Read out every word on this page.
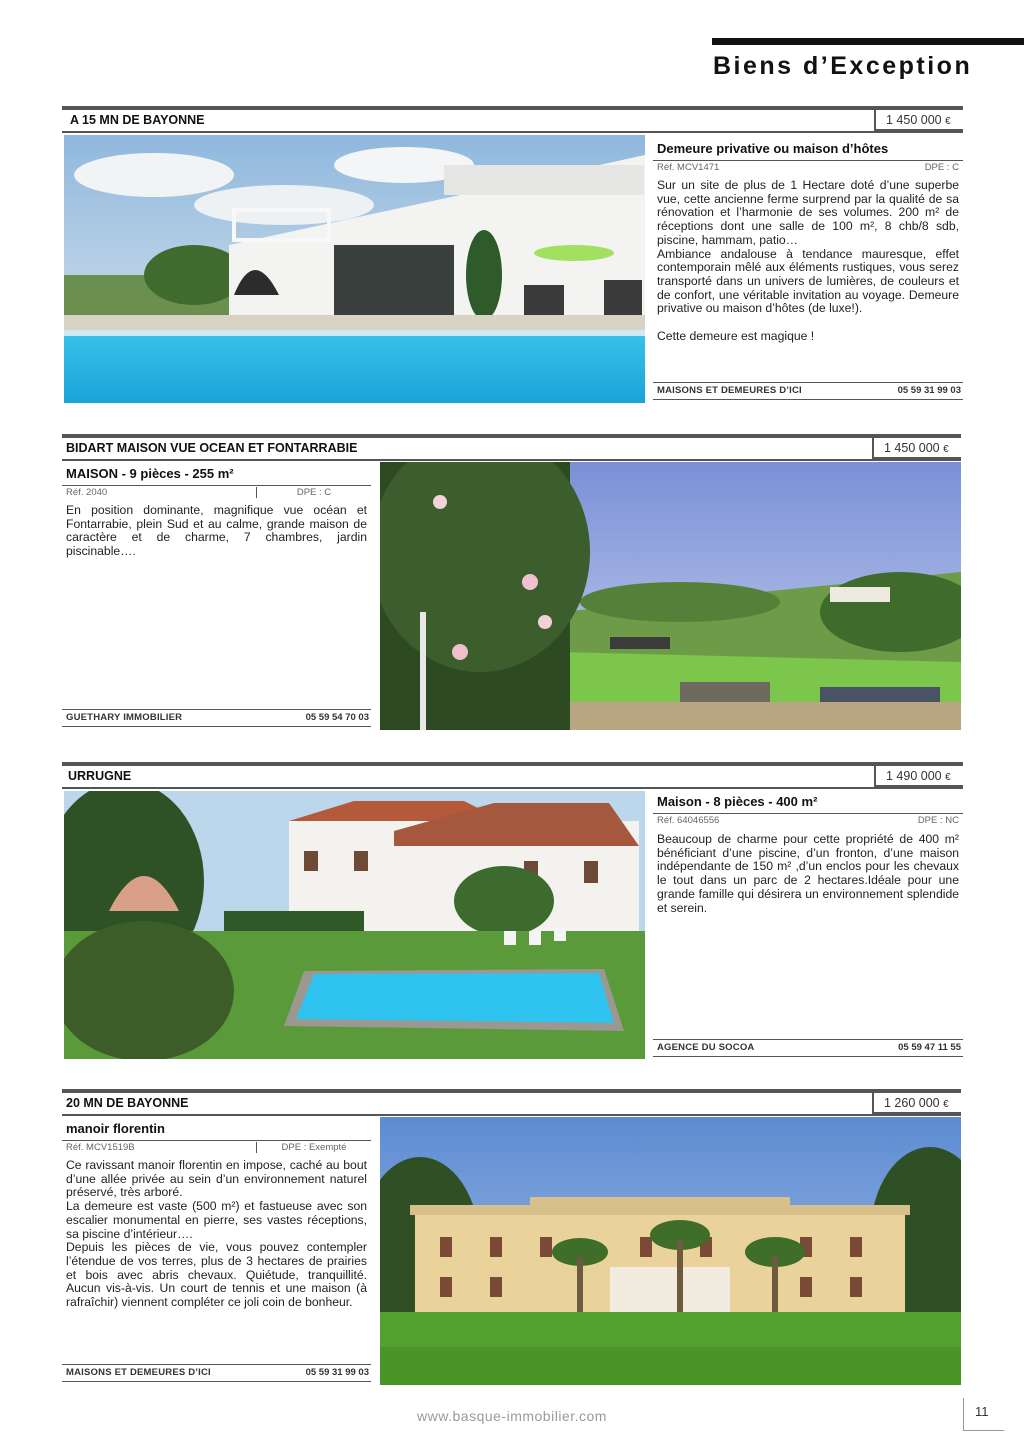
Biens d’Exception
A 15 MN DE BAYONNE	1 450 000 €
Demeure privative ou maison d’hôtes
Réf. MCV1471	DPE : C

Sur un site de plus de 1 Hectare doté d’une superbe vue, cette ancienne ferme surprend par la qualité de sa rénovation et l’harmonie de ses volumes. 200 m² de réceptions dont une salle de 100 m², 8 chb/8 sdb, piscine, hammam, patio…

Ambiance andalouse à tendance mauresque, effet contemporain mêlé aux éléments rustiques, vous serez transporté dans un univers de lumières, de couleurs et de confort, une véritable invitation au voyage. Demeure privative ou maison d’hôtes (de luxe!).

Cette demeure est magique !

MAISONS ET DEMEURES D’ICI	05 59 31 99 03
BIDART MAISON VUE OCEAN ET FONTARRABIE	1 450 000 €
MAISON - 9 pièces - 255 m²
Réf. 2040	DPE : C

En position dominante, magnifique vue océan et Fontarrabie, plein Sud et au calme, grande maison de caractère et de charme, 7 chambres, jardin piscinable….

GUETHARY IMMOBILIER	05 59 54 70 03
URRUGNE	1 490 000 €
Maison - 8 pièces - 400 m²
Réf. 64046556	DPE : NC

Beaucoup de charme pour cette propriété de 400 m² bénéficiant d’une piscine, d’un fronton, d’une maison indépendante de 150 m² ,d’un enclos pour les chevaux le tout dans un parc de 2 hectares.Idéale pour une grande famille qui désirera un environnement splendide et serein.

AGENCE DU SOCOA	05 59 47 11 55
20 MN DE BAYONNE	1 260 000 €
manoir florentin
Réf. MCV1519B	DPE : Exempté

Ce ravissant manoir florentin en impose, caché au bout d’une allée privée au sein d’un environnement naturel préservé, très arboré.

La demeure est vaste (500 m²) et fastueuse avec son escalier monumental en pierre, ses vastes réceptions, sa piscine d’intérieur….

Depuis les pièces de vie, vous pouvez contempler l’étendue de vos terres, plus de 3 hectares de prairies et bois avec abris chevaux. Quiétude, tranquillité. Aucun vis-à-vis. Un court de tennis et une maison (à rafraîchir) viennent compléter ce joli coin de bonheur.

MAISONS ET DEMEURES D’ICI	05 59 31 99 03
www.basque-immobilier.com	11
